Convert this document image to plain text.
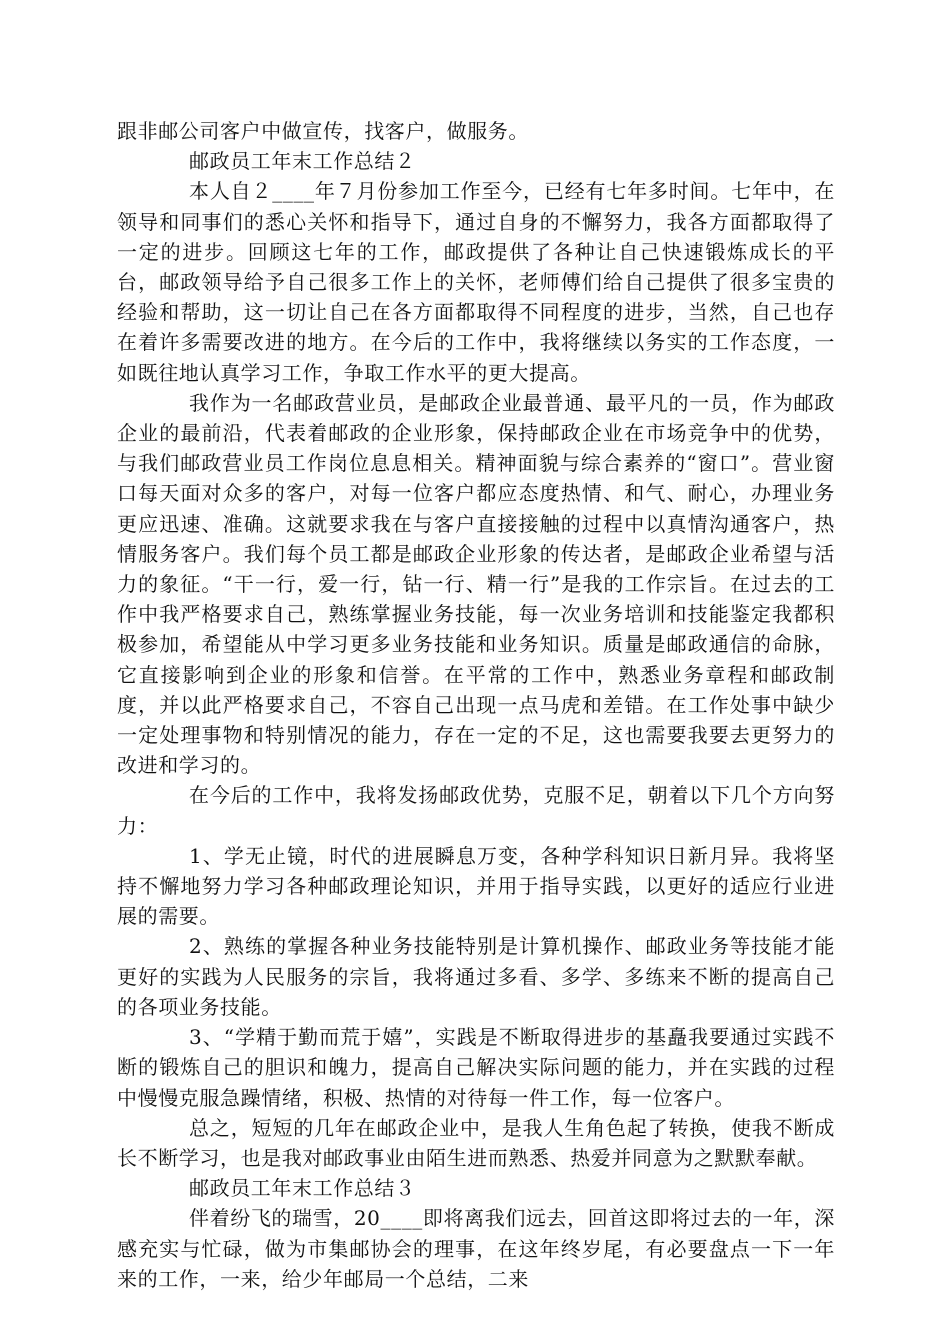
跟非邮公司客户中做宣传，找客户，做服务。

邮政员工年末工作总结２

本人自２____年７月份参加工作至今，已经有七年多时间。七年中，在领导和同事们的悉心关怀和指导下，通过自身的不懈努力，我各方面都取得了一定的进步。回顾这七年的工作，邮政提供了各种让自己快速锻炼成长的平台，邮政领导给予自己很多工作上的关怀，老师傅们给自己提供了很多宝贵的经验和帮助，这一切让自己在各方面都取得不同程度的进步，当然，自己也存在着许多需要改进的地方。在今后的工作中，我将继续以务实的工作态度，一如既往地认真学习工作，争取工作水平的更大提高。

我作为一名邮政营业员，是邮政企业最普通、最平凡的一员，作为邮政企业的最前沿，代表着邮政的企业形象，保持邮政企业在市场竞争中的优势，与我们邮政营业员工作岗位息息相关。精神面貌与综合素养的“窗口”。营业窗口每天面对众多的客户，对每一位客户都应态度热情、和气、耐心，办理业务更应迅速、准确。这就要求我在与客户直接接触的过程中以真情沟通客户，热情服务客户。我们每个员工都是邮政企业形象的传达者，是邮政企业希望与活力的象征。“干一行，爱一行，钻一行、精一行”是我的工作宗旨。在过去的工作中我严格要求自己，熟练掌握业务技能，每一次业务培训和技能鉴定我都积极参加，希望能从中学习更多业务技能和业务知识。质量是邮政通信的命脉，它直接影响到企业的形象和信誉。在平常的工作中，熟悉业务章程和邮政制度，并以此严格要求自己，不容自己出现一点马虎和差错。在工作处事中缺少一定处理事物和特别情况的能力，存在一定的不足，这也需要我要去更努力的改进和学习的。

在今后的工作中，我将发扬邮政优势，克服不足，朝着以下几个方向努力：

1、学无止镜，时代的进展瞬息万变，各种学科知识日新月异。我将坚持不懈地努力学习各种邮政理论知识，并用于指导实践，以更好的适应行业进展的需要。

2、熟练的掌握各种业务技能特别是计算机操作、邮政业务等技能才能更好的实践为人民服务的宗旨，我将通过多看、多学、多练来不断的提高自己的各项业务技能。

3、“学精于勤而荒于嬉”，实践是不断取得进步的基矗我要通过实践不断的锻炼自己的胆识和魄力，提高自己解决实际问题的能力，并在实践的过程中慢慢克服急躁情绪，积极、热情的对待每一件工作，每一位客户。

总之，短短的几年在邮政企业中，是我人生角色起了转换，使我不断成长不断学习，也是我对邮政事业由陌生进而熟悉、热爱并同意为之默默奉献。

邮政员工年末工作总结３

伴着纷飞的瑞雪，20____即将离我们远去，回首这即将过去的一年，深感充实与忙碌，做为市集邮协会的理事，在这年终岁尾，有必要盘点一下一年来的工作，一来，给少年邮局一个总结，二来
